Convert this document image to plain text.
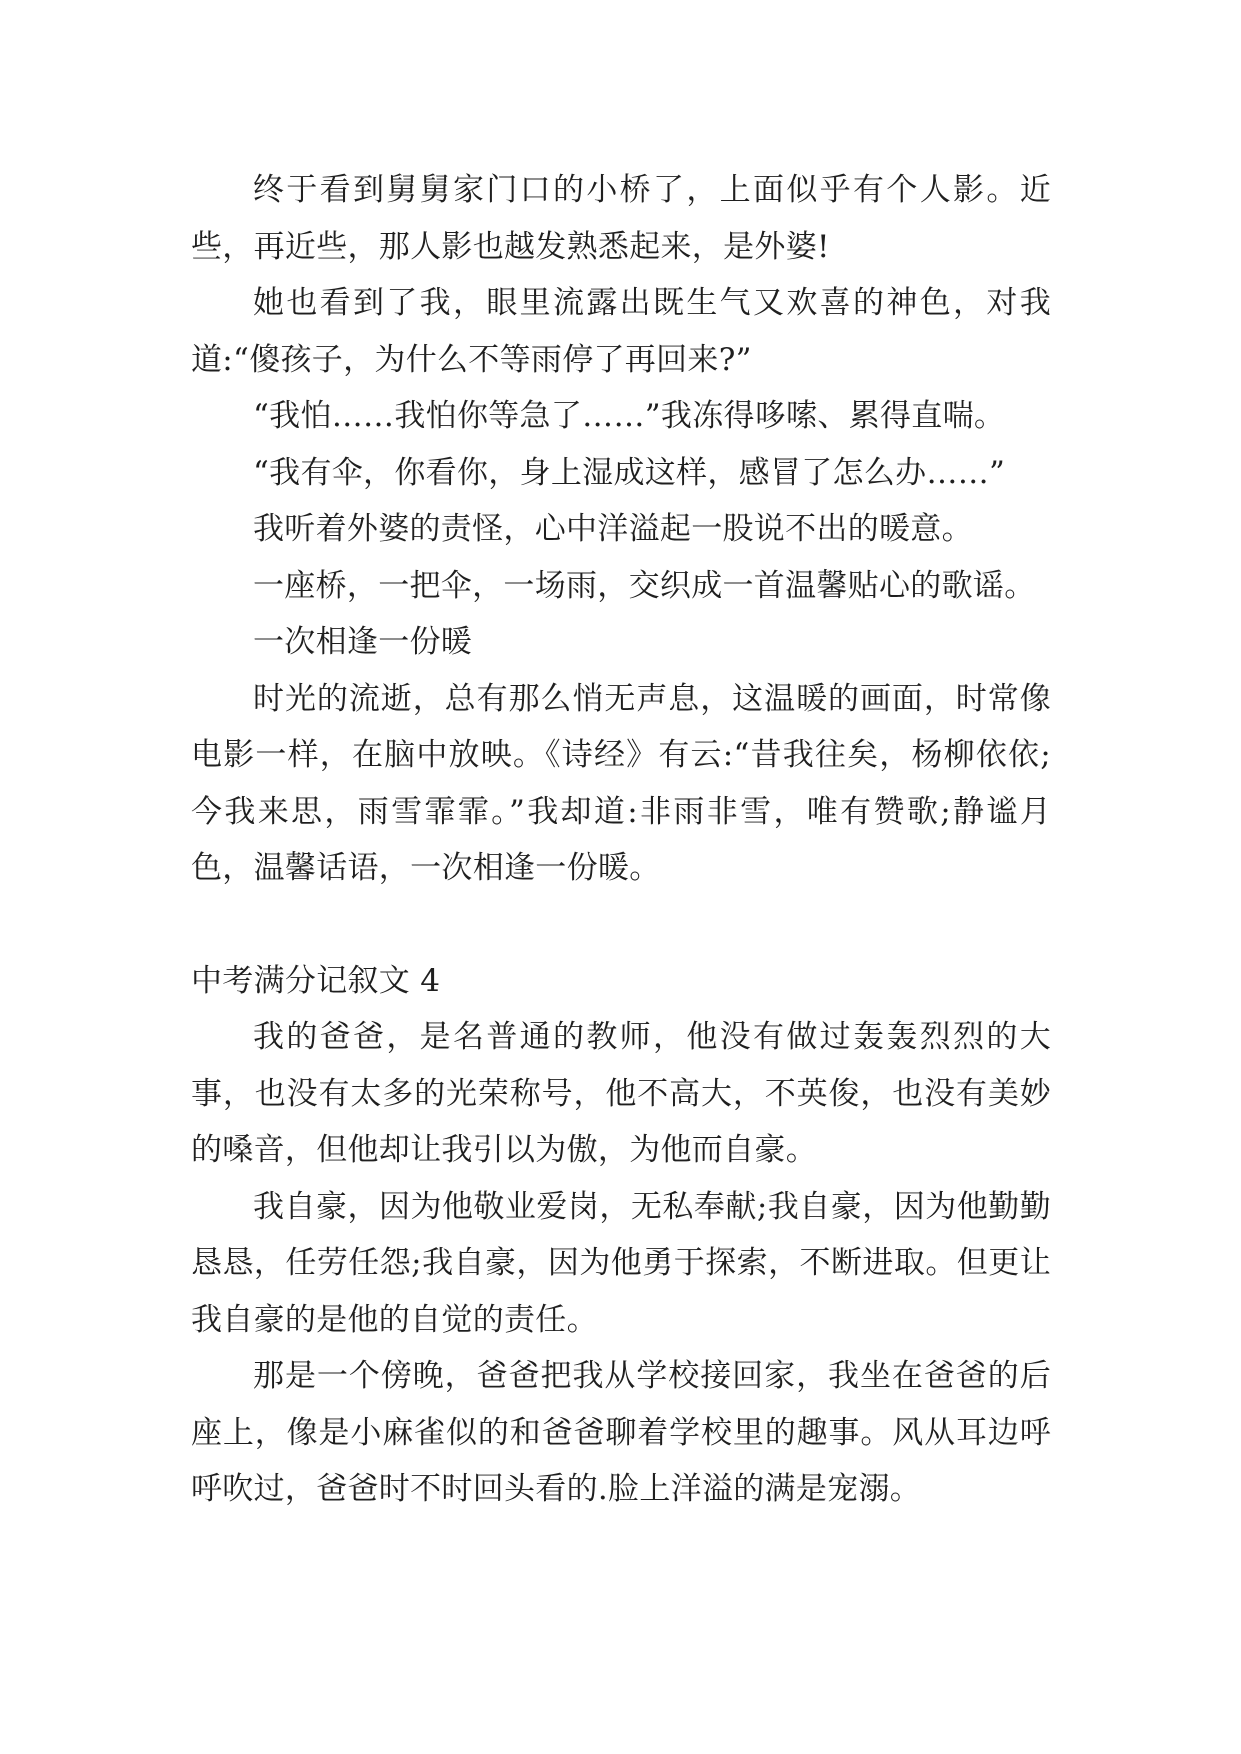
终于看到舅舅家门口的小桥了，上面似乎有个人影。近些，再近些，那人影也越发熟悉起来，是外婆!

她也看到了我，眼里流露出既生气又欢喜的神色，对我道:“傻孩子，为什么不等雨停了再回来?”

“我怕……我怕你等急了……”我冻得哆嗦、累得直喘。

“我有伞，你看你，身上湿成这样，感冒了怎么办……”

我听着外婆的责怪，心中洋溢起一股说不出的暖意。

一座桥，一把伞，一场雨，交织成一首温馨贴心的歌谣。

一次相逢一份暖

时光的流逝，总有那么悄无声息，这温暖的画面，时常像电影一样，在脑中放映。《诗经》有云:“昔我往矣，杨柳依依;今我来思，雨雪霏霏。”我却道:非雨非雪，唯有赞歌;静谧月色，温馨话语，一次相逢一份暖。

中考满分记叙文 4

我的爸爸，是名普通的教师，他没有做过轰轰烈烈的大事，也没有太多的光荣称号，他不高大，不英俊，也没有美妙的嗓音，但他却让我引以为傲，为他而自豪。

我自豪，因为他敬业爱岗，无私奉献;我自豪，因为他勤勤恳恳，任劳任怨;我自豪，因为他勇于探索，不断进取。但更让我自豪的是他的自觉的责任。

那是一个傍晚，爸爸把我从学校接回家，我坐在爸爸的后座上，像是小麻雀似的和爸爸聊着学校里的趣事。风从耳边呼呼吹过，爸爸时不时回头看的.脸上洋溢的满是宠溺。
